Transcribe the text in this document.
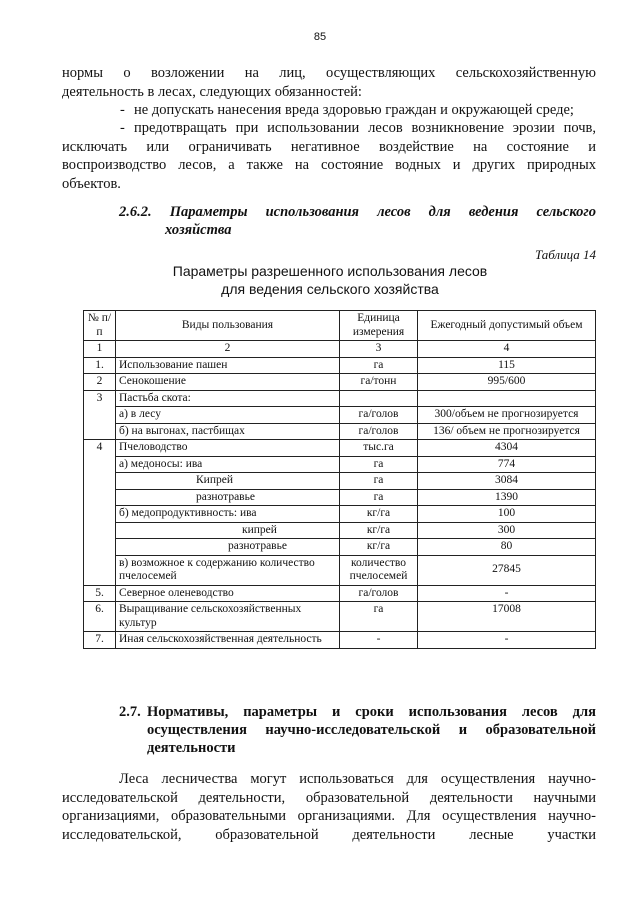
85
нормы о возложении на лиц, осуществляющих сельскохозяйственную
деятельность в лесах, следующих обязанностей:
- не допускать нанесения вреда здоровью граждан и окружающей среде;
- предотвращать при использовании лесов возникновение эрозии почв,
исключать или ограничивать негативное воздействие на состояние и
воспроизводство лесов, а также на состояние водных и других природных
объектов.
2.6.2. Параметры использования лесов для ведения сельского
хозяйства
Таблица 14
Параметры разрешенного использования лесов
для ведения сельского хозяйства
№ п/п	Виды пользования	Единица измерения	Ежегодный допустимый объем
1	2	3	4
1.	Использование пашен	га	115
2	Сенокошение	га/тонн	995/600
3	Пастьба скота:		
	а) в лесу	га/голов	300/объем не прогнозируется
	б) на выгонах, пастбищах	га/голов	136/ объем не прогнозируется
4	Пчеловодство	тыс.га	4304
	а) медоносы: ива	га	774
	Кипрей	га	3084
	разнотравье	га	1390
	б) медопродуктивность: ива	кг/га	100
	кипрей	кг/га	300
	разнотравье	кг/га	80
	в) возможное к содержанию количество пчелосемей	количество пчелосемей	27845
5.	Северное оленеводство	га/голов	-
6.	Выращивание сельскохозяйственных культур	га	17008
7.	Иная сельскохозяйственная деятельность	-	-
2.7. Нормативы, параметры и сроки использования лесов для
осуществления научно-исследовательской и образовательной
деятельности
Леса лесничества могут использоваться для осуществления научно-
исследовательской деятельности, образовательной деятельности научными
организациями, образовательными организациями. Для осуществления научно-
исследовательской, образовательной деятельности лесные участки
